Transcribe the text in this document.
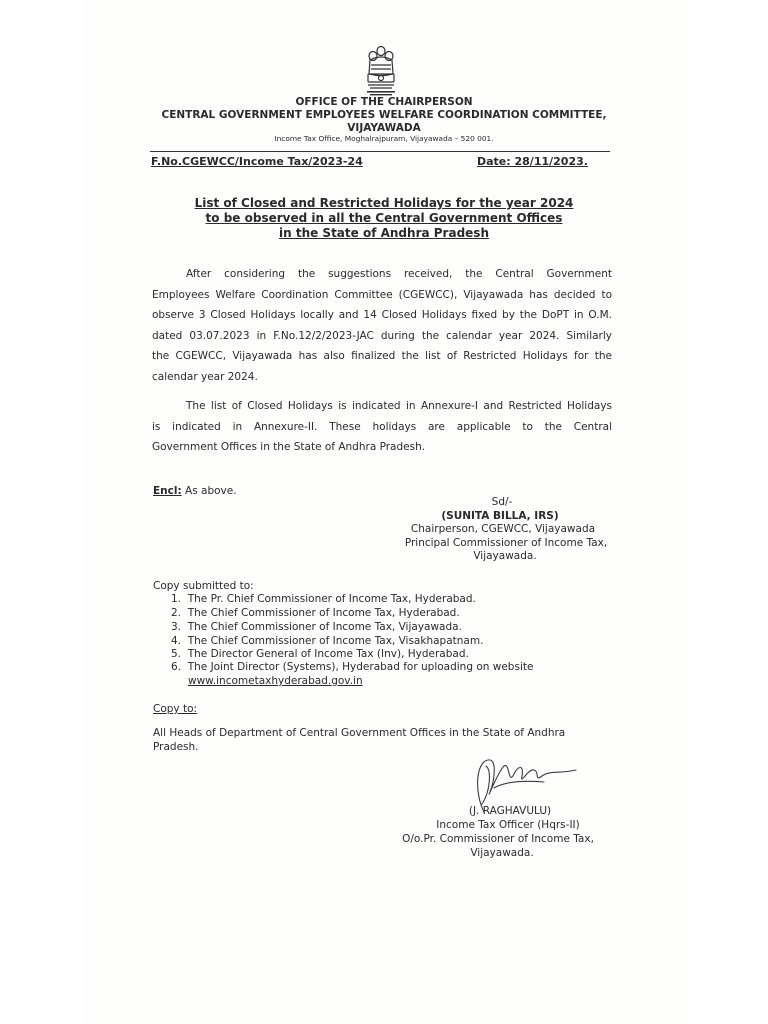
OFFICE OF THE CHAIRPERSON
CENTRAL GOVERNMENT EMPLOYEES WELFARE COORDINATION COMMITTEE,
VIJAYAWADA
Income Tax Office, Moghalrajpuram, Vijayawada – 520 001.
F.No.CGEWCC/Income Tax/2023-24	Date: 28/11/2023.
List of Closed and Restricted Holidays for the year 2024
to be observed in all the Central Government Offices
in the State of Andhra Pradesh
After considering the suggestions received, the Central Government
Employees Welfare Coordination Committee (CGEWCC), Vijayawada has decided to
observe 3 Closed Holidays locally and 14 Closed Holidays fixed by the DoPT in O.M.
dated 03.07.2023 in F.No.12/2/2023-JAC during the calendar year 2024. Similarly
the CGEWCC, Vijayawada has also finalized the list of Restricted Holidays for the
calendar year 2024.
The list of Closed Holidays is indicated in Annexure-I and Restricted Holidays
is indicated in Annexure-II. These holidays are applicable to the Central
Government Offices in the State of Andhra Pradesh.
Encl: As above.
Sd/-
(SUNITA BILLA, IRS)
Chairperson, CGEWCC, Vijayawada
Principal Commissioner of Income Tax,
Vijayawada.
Copy submitted to:
1. The Pr. Chief Commissioner of Income Tax, Hyderabad.
2. The Chief Commissioner of Income Tax, Hyderabad.
3. The Chief Commissioner of Income Tax, Vijayawada.
4. The Chief Commissioner of Income Tax, Visakhapatnam.
5. The Director General of Income Tax (Inv), Hyderabad.
6. The Joint Director (Systems), Hyderabad for uploading on website
www.incometaxhyderabad.gov.in
Copy to:
All Heads of Department of Central Government Offices in the State of Andhra
Pradesh.
(J. RAGHAVULU)
Income Tax Officer (Hqrs-II)
O/o.Pr. Commissioner of Income Tax,
Vijayawada.
